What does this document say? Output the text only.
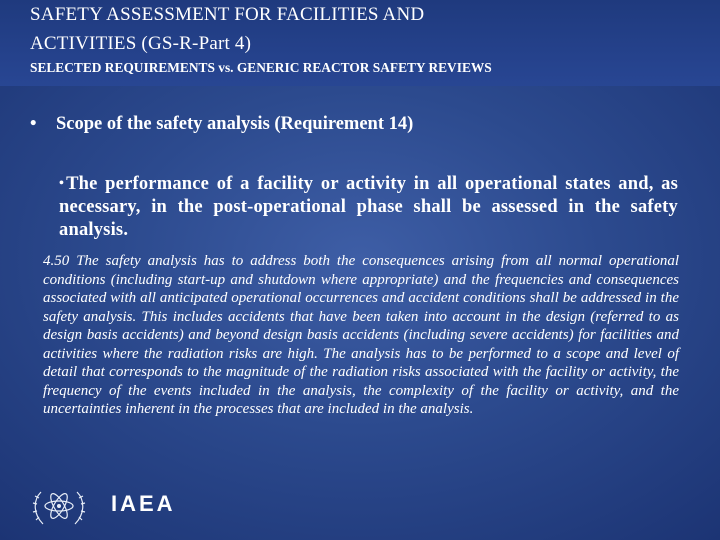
SAFETY ASSESSMENT FOR FACILITIES AND
ACTIVITIES (GS-R-Part 4)
SELECTED REQUIREMENTS vs. GENERIC REACTOR SAFETY REVIEWS
• Scope of the safety analysis (Requirement 14)
• The performance of a facility or activity in all operational states and, as necessary, in the post-operational phase shall be assessed in the safety analysis.
4.50 The safety analysis has to address both the consequences arising from all normal operational conditions (including start-up and shutdown where appropriate) and the frequencies and consequences associated with all anticipated operational occurrences and accident conditions shall be addressed in the safety analysis. This includes accidents that have been taken into account in the design (referred to as design basis accidents) and beyond design basis accidents (including severe accidents) for facilities and activities where the radiation risks are high. The analysis has to be performed to a scope and level of detail that corresponds to the magnitude of the radiation risks associated with the facility or activity, the frequency of the events included in the analysis, the complexity of the facility or activity, and the uncertainties inherent in the processes that are included in the analysis.
IAEA
